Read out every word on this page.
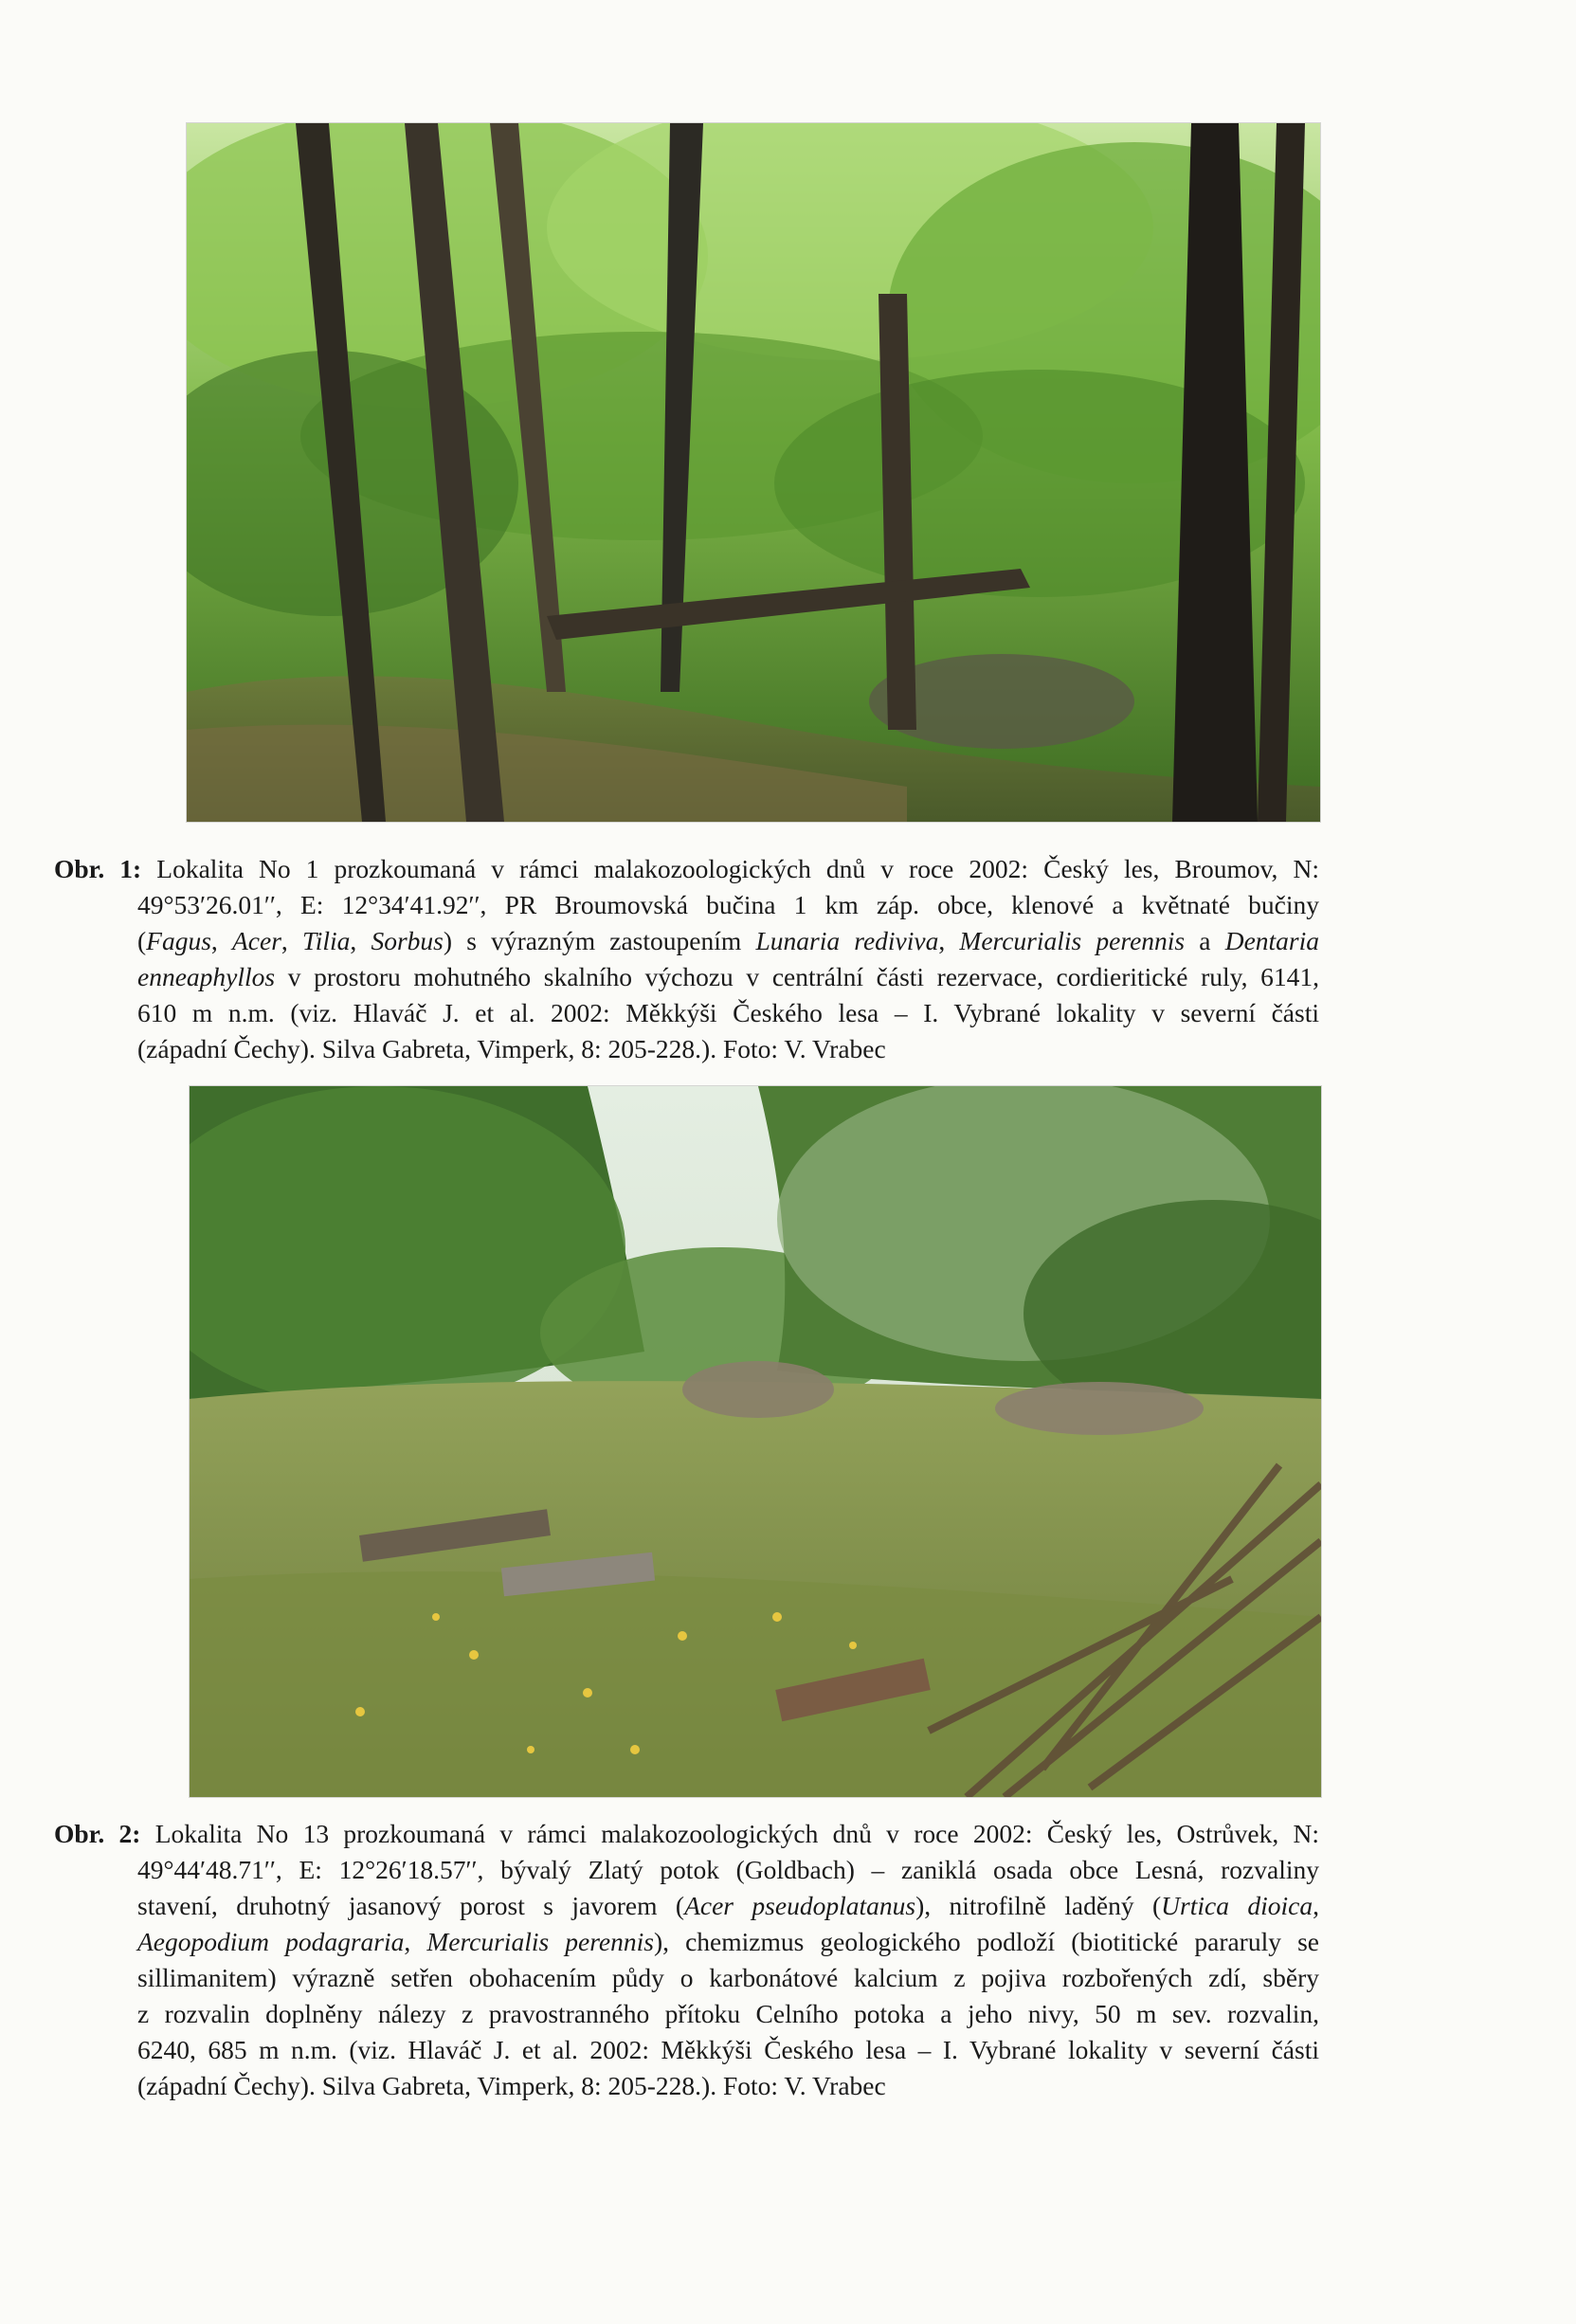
Obr. 1: Lokalita No 1 prozkoumaná v rámci malakozoologických dnů v roce 2002: Český les, Broumov, N:
49°53′26.01′′, E: 12°34′41.92′′, PR Broumovská bučina 1 km záp. obce, klenové a květnaté bučiny
(Fagus, Acer, Tilia, Sorbus) s výrazným zastoupením Lunaria rediviva, Mercurialis perennis a Dentaria
enneaphyllos v prostoru mohutného skalního výchozu v centrální části rezervace, cordieritické ruly, 6141,
610 m n.m. (viz. Hlaváč J. et al. 2002: Měkkýši Českého lesa – I. Vybrané lokality v severní části
(západní Čechy). Silva Gabreta, Vimperk, 8: 205-228.). Foto: V. Vrabec
Obr. 2: Lokalita No 13 prozkoumaná v rámci malakozoologických dnů v roce 2002: Český les, Ostrůvek, N:
49°44′48.71′′, E: 12°26′18.57′′, bývalý Zlatý potok (Goldbach) – zaniklá osada obce Lesná, rozvaliny
stavení, druhotný jasanový porost s javorem (Acer pseudoplatanus), nitrofilně laděný (Urtica dioica,
Aegopodium podagraria, Mercurialis perennis), chemizmus geologického podloží (biotitické pararuly se
sillimanitem) výrazně setřen obohacením půdy o karbonátové kalcium z pojiva rozbořených zdí, sběry
z rozvalin doplněny nálezy z pravostranného přítoku Celního potoka a jeho nivy, 50 m sev. rozvalin,
6240, 685 m n.m. (viz. Hlaváč J. et al. 2002: Měkkýši Českého lesa – I. Vybrané lokality v severní části
(západní Čechy). Silva Gabreta, Vimperk, 8: 205-228.). Foto: V. Vrabec
